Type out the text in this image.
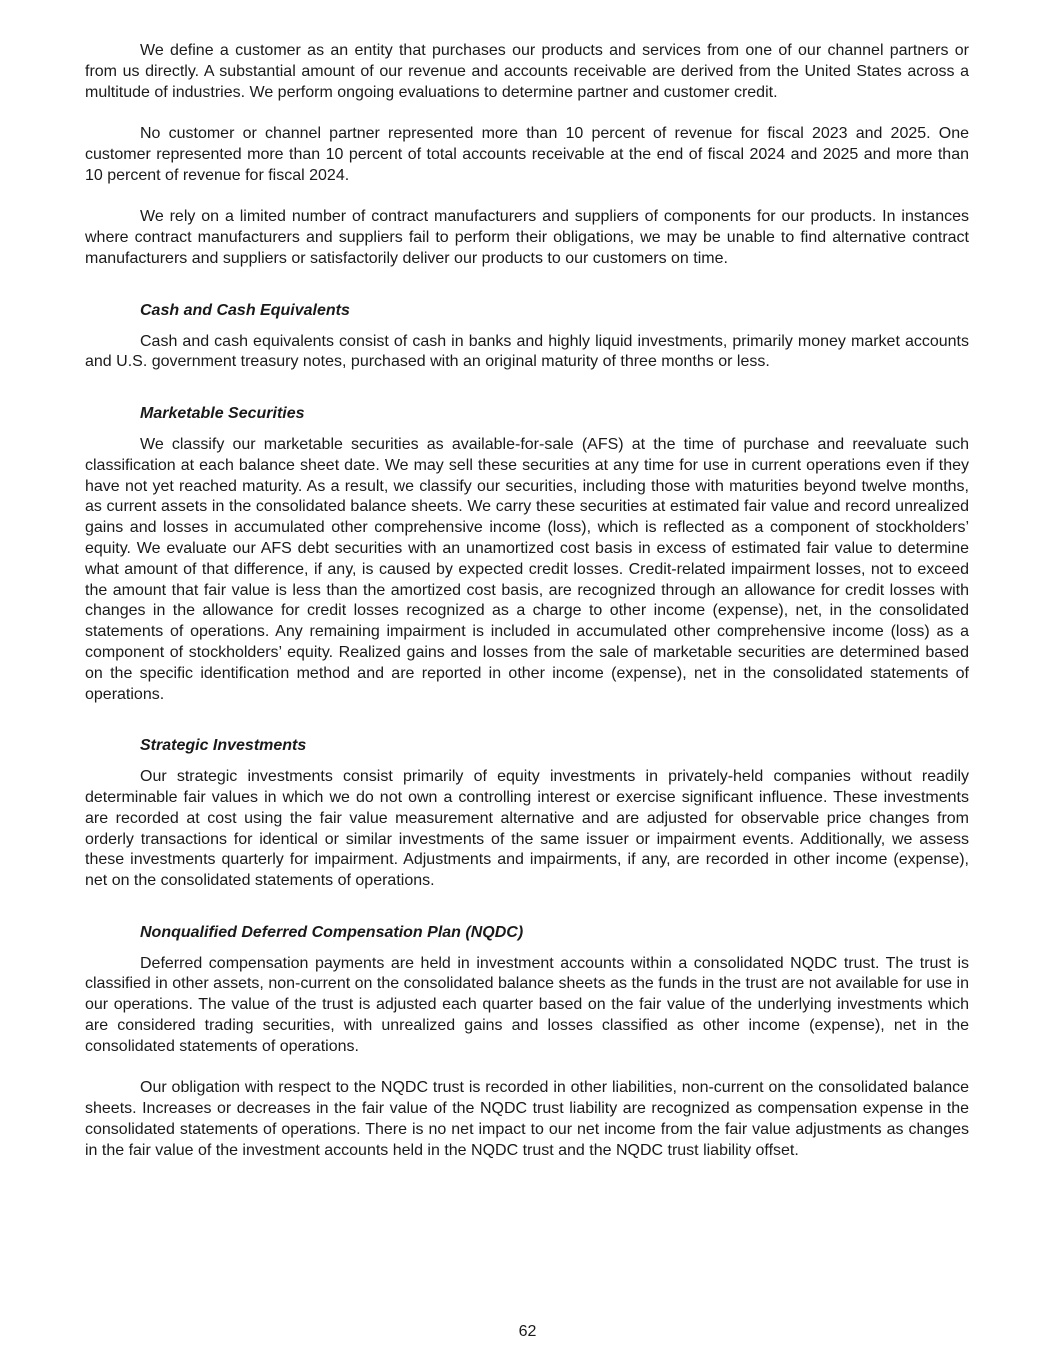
We define a customer as an entity that purchases our products and services from one of our channel partners or from us directly. A substantial amount of our revenue and accounts receivable are derived from the United States across a multitude of industries. We perform ongoing evaluations to determine partner and customer credit.

No customer or channel partner represented more than 10 percent of revenue for fiscal 2023 and 2025. One customer represented more than 10 percent of total accounts receivable at the end of fiscal 2024 and 2025 and more than 10 percent of revenue for fiscal 2024.

We rely on a limited number of contract manufacturers and suppliers of components for our products. In instances where contract manufacturers and suppliers fail to perform their obligations, we may be unable to find alternative contract manufacturers and suppliers or satisfactorily deliver our products to our customers on time.

Cash and Cash Equivalents

Cash and cash equivalents consist of cash in banks and highly liquid investments, primarily money market accounts and U.S. government treasury notes, purchased with an original maturity of three months or less.

Marketable Securities

We classify our marketable securities as available-for-sale (AFS) at the time of purchase and reevaluate such classification at each balance sheet date. We may sell these securities at any time for use in current operations even if they have not yet reached maturity. As a result, we classify our securities, including those with maturities beyond twelve months, as current assets in the consolidated balance sheets. We carry these securities at estimated fair value and record unrealized gains and losses in accumulated other comprehensive income (loss), which is reflected as a component of stockholders’ equity. We evaluate our AFS debt securities with an unamortized cost basis in excess of estimated fair value to determine what amount of that difference, if any, is caused by expected credit losses. Credit-related impairment losses, not to exceed the amount that fair value is less than the amortized cost basis, are recognized through an allowance for credit losses with changes in the allowance for credit losses recognized as a charge to other income (expense), net, in the consolidated statements of operations. Any remaining impairment is included in accumulated other comprehensive income (loss) as a component of stockholders’ equity. Realized gains and losses from the sale of marketable securities are determined based on the specific identification method and are reported in other income (expense), net in the consolidated statements of operations.

Strategic Investments

Our strategic investments consist primarily of equity investments in privately-held companies without readily determinable fair values in which we do not own a controlling interest or exercise significant influence. These investments are recorded at cost using the fair value measurement alternative and are adjusted for observable price changes from orderly transactions for identical or similar investments of the same issuer or impairment events. Additionally, we assess these investments quarterly for impairment. Adjustments and impairments, if any, are recorded in other income (expense), net on the consolidated statements of operations.

Nonqualified Deferred Compensation Plan (NQDC)

Deferred compensation payments are held in investment accounts within a consolidated NQDC trust. The trust is classified in other assets, non-current on the consolidated balance sheets as the funds in the trust are not available for use in our operations. The value of the trust is adjusted each quarter based on the fair value of the underlying investments which are considered trading securities, with unrealized gains and losses classified as other income (expense), net in the consolidated statements of operations.

Our obligation with respect to the NQDC trust is recorded in other liabilities, non-current on the consolidated balance sheets. Increases or decreases in the fair value of the NQDC trust liability are recognized as compensation expense in the consolidated statements of operations. There is no net impact to our net income from the fair value adjustments as changes in the fair value of the investment accounts held in the NQDC trust and the NQDC trust liability offset.

62
